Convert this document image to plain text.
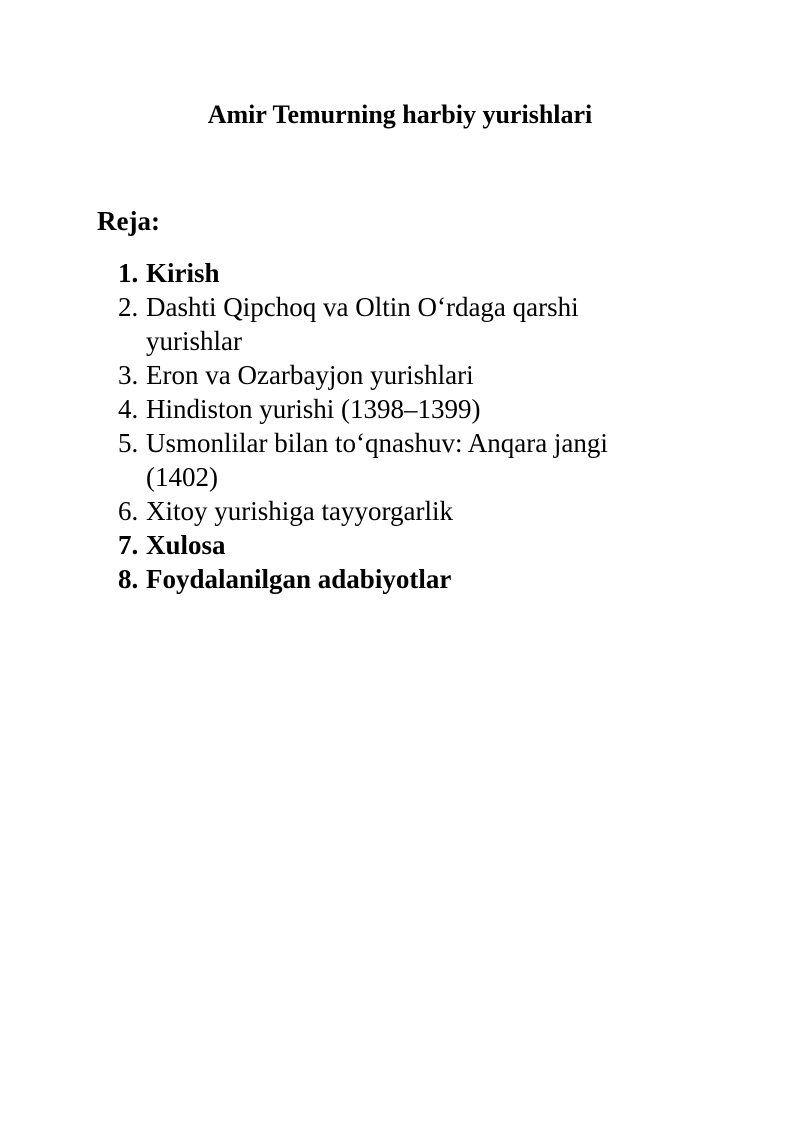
Amir Temurning harbiy yurishlari
Reja:
1. Kirish
2. Dashti Qipchoq va Oltin O‘rdaga qarshi yurishlar
3. Eron va Ozarbayjon yurishlari
4. Hindiston yurishi (1398–1399)
5. Usmonlilar bilan to‘qnashuv: Anqara jangi (1402)
6. Xitoy yurishiga tayyorgarlik
7. Xulosa
8. Foydalanilgan adabiyotlar
